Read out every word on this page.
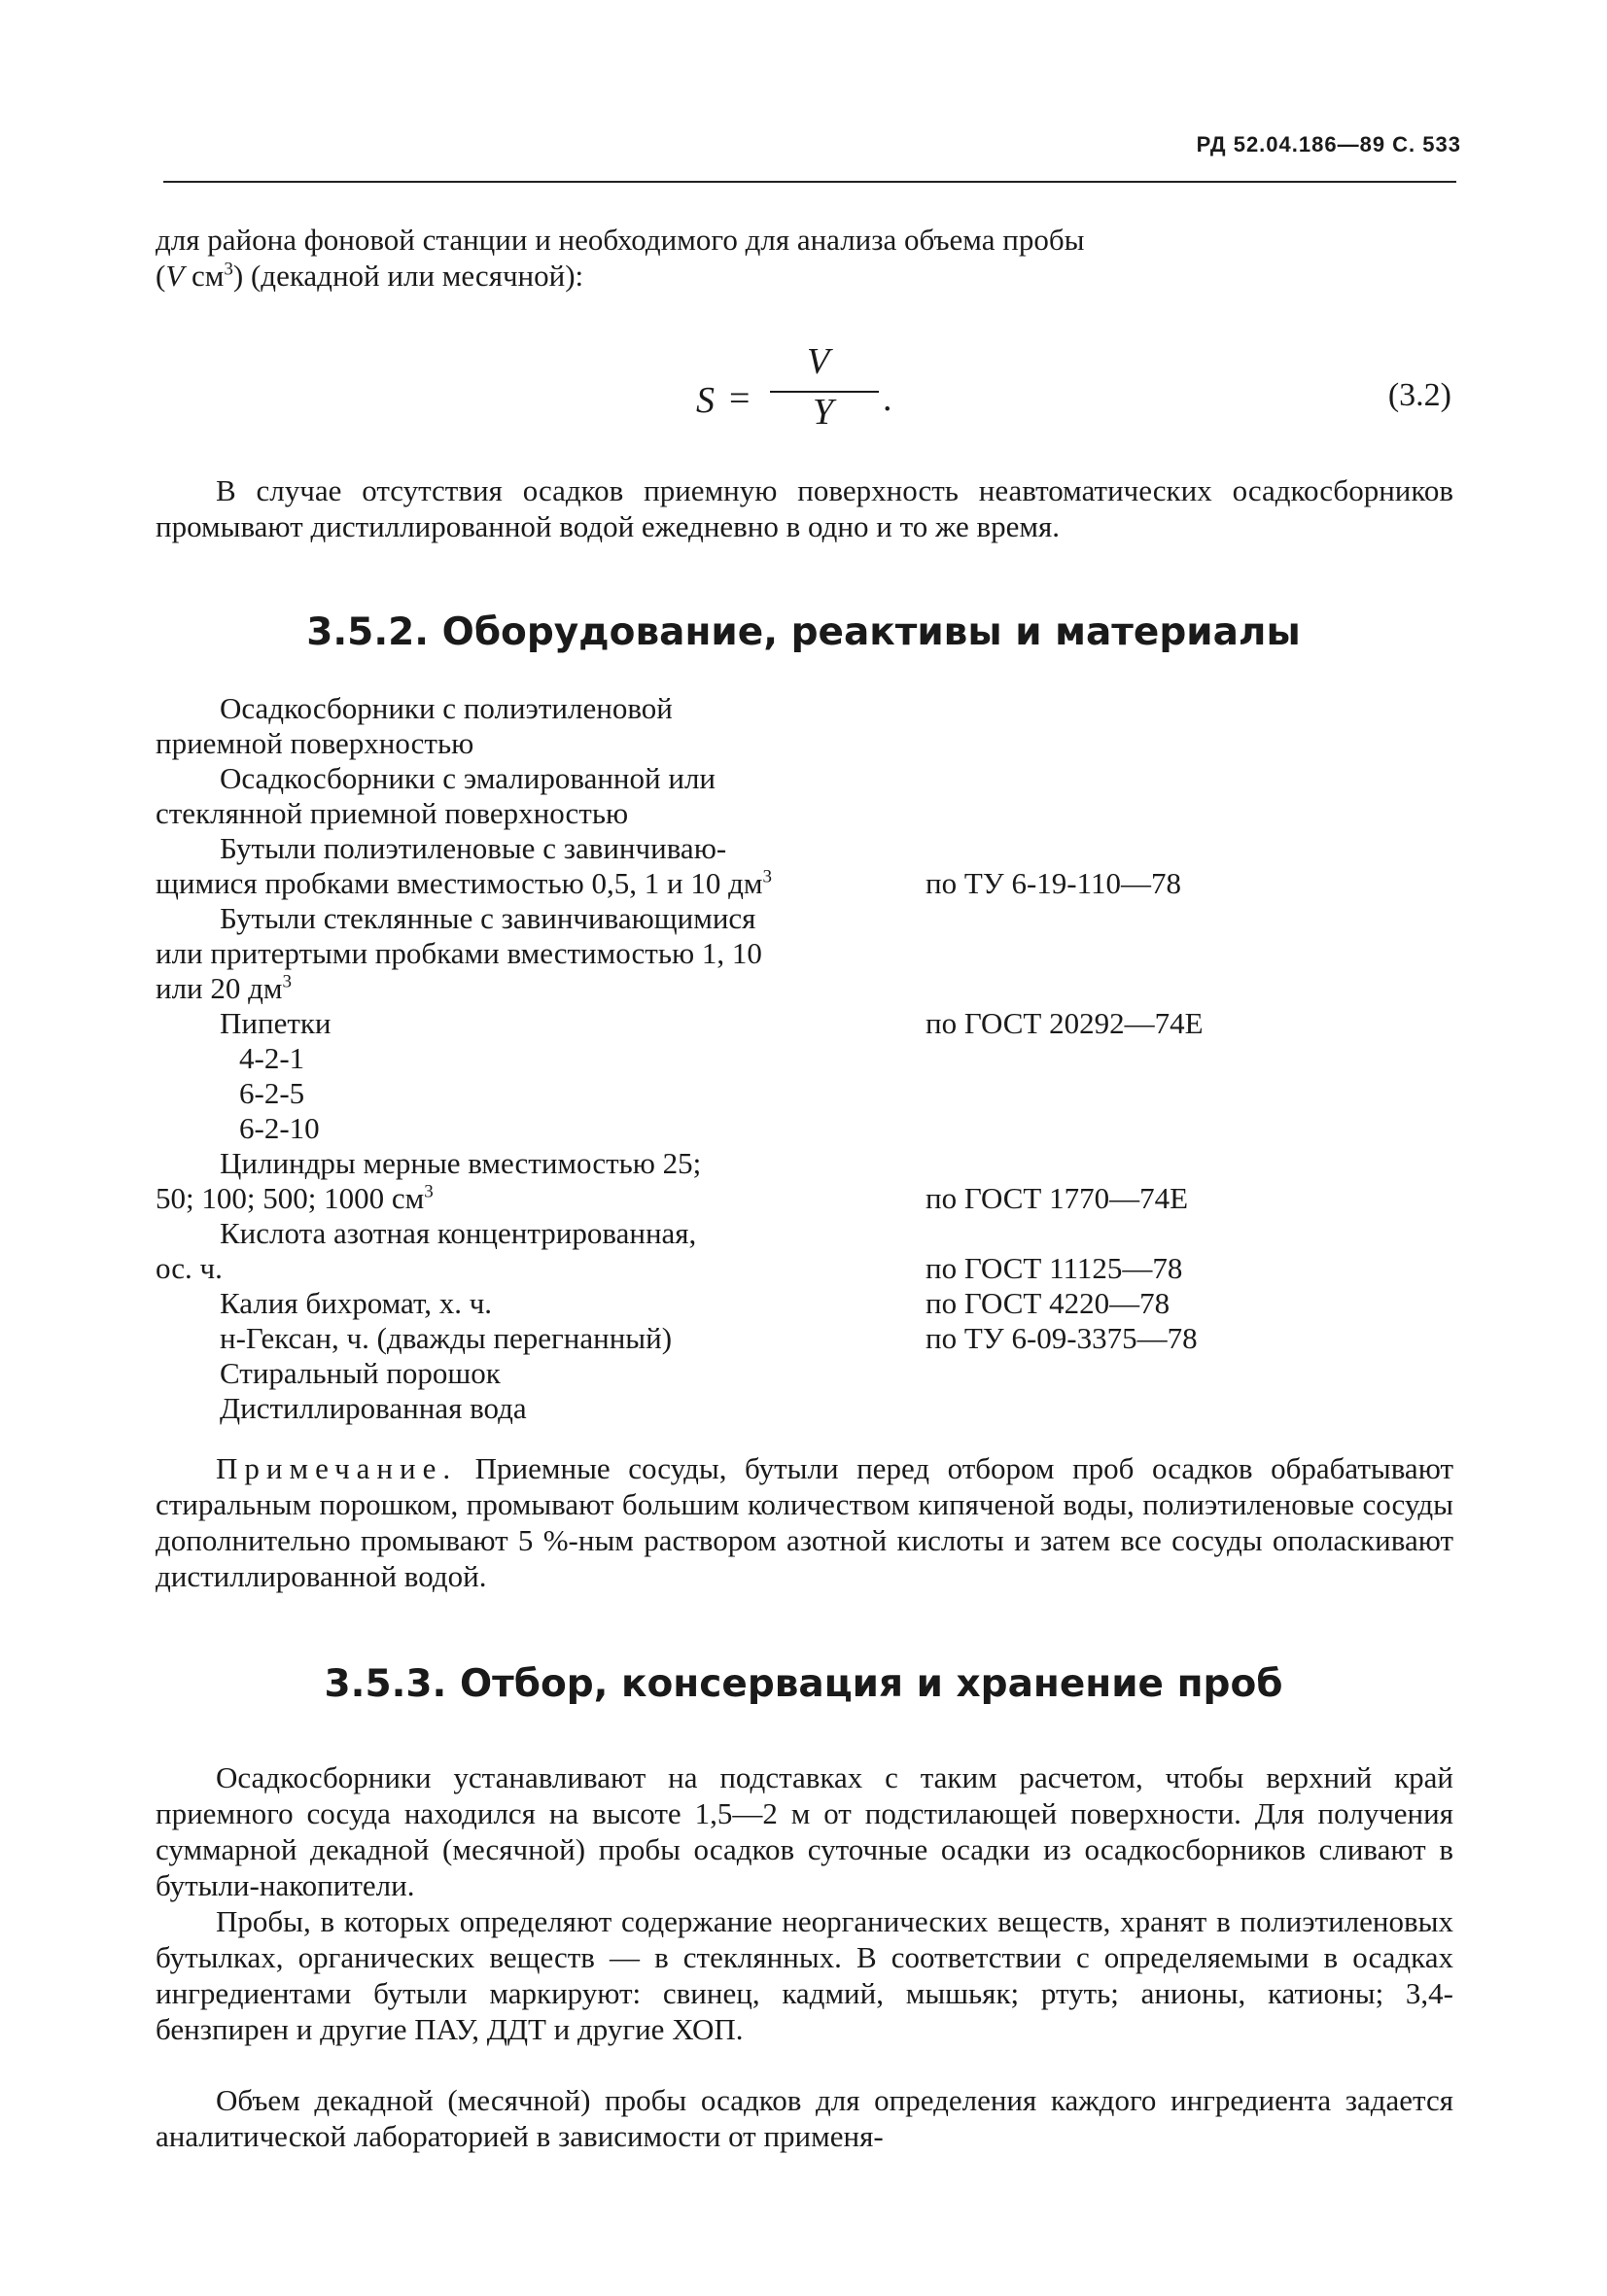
РД 52.04.186—89 С. 533

для района фоновой станции и необходимого для анализа объема пробы
(V $см^3$) (декадной или месячной):

S =
V
Y .	(3.2)

В случае отсутствия осадков приемную поверхность неавтоматических осадкосборников промывают дистиллированной водой ежедневно в одно и то же время.

3.5.2. Оборудование, реактивы и материалы
Осадкосборники с полиэтиленовой
приемной поверхностью
Осадкосборники с эмалированной или
стеклянной приемной поверхностью
Бутыли полиэтиленовые с завинчиваю-
щимися пробками вместимостью 0,5, 1 и 10 $дм^3$
Бутыли стеклянные с завинчивающимися
или притертыми пробками вместимостью 1, 10
или 20 $дм^3$
Пипетки
4-2-1
6-2-5
6-2-10
Цилиндры мерные вместимостью 25;
50; 100; 500; 1000 $см^3$
Кислота азотная концентрированная,
ос. ч.
Калия бихромат, х. ч.
н-Гексан, ч. (дважды перегнанный)
Стиральный порошок
Дистиллированная вода
по ТУ 6-19-110—78
по ГОСТ 20292—74Е
по ГОСТ 1770—74Е
по ГОСТ 11125—78
по ГОСТ 4220—78
по ТУ 6-09-3375—78

Примечание. Приемные сосуды, бутыли перед отбором проб осадков обрабатывают стиральным порошком, промывают большим количеством кипяченой воды, полиэтиленовые сосуды дополнительно промывают 5 %-ным раствором азотной кислоты и затем все сосуды ополаскивают дистиллированной водой.

3.5.3. Отбор, консервация и хранение проб

Осадкосборники устанавливают на подставках с таким расчетом, чтобы верхний край приемного сосуда находился на высоте 1,5—2 м от подстилающей поверхности. Для получения суммарной декадной (месячной) пробы осадков суточные осадки из осадкосборников сливают в бутыли-накопители.

Пробы, в которых определяют содержание неорганических веществ, хранят в полиэтиленовых бутылках, органических веществ — в стеклянных. В соответствии с определяемыми в осадках ингредиентами бутыли маркируют: свинец, кадмий, мышьяк; ртуть; анионы, катионы; 3,4-бензпирен и другие ПАУ, ДДТ и другие ХОП.

Объем декадной (месячной) пробы осадков для определения каждого ингредиента задается аналитической лабораторией в зависимости от применя-
